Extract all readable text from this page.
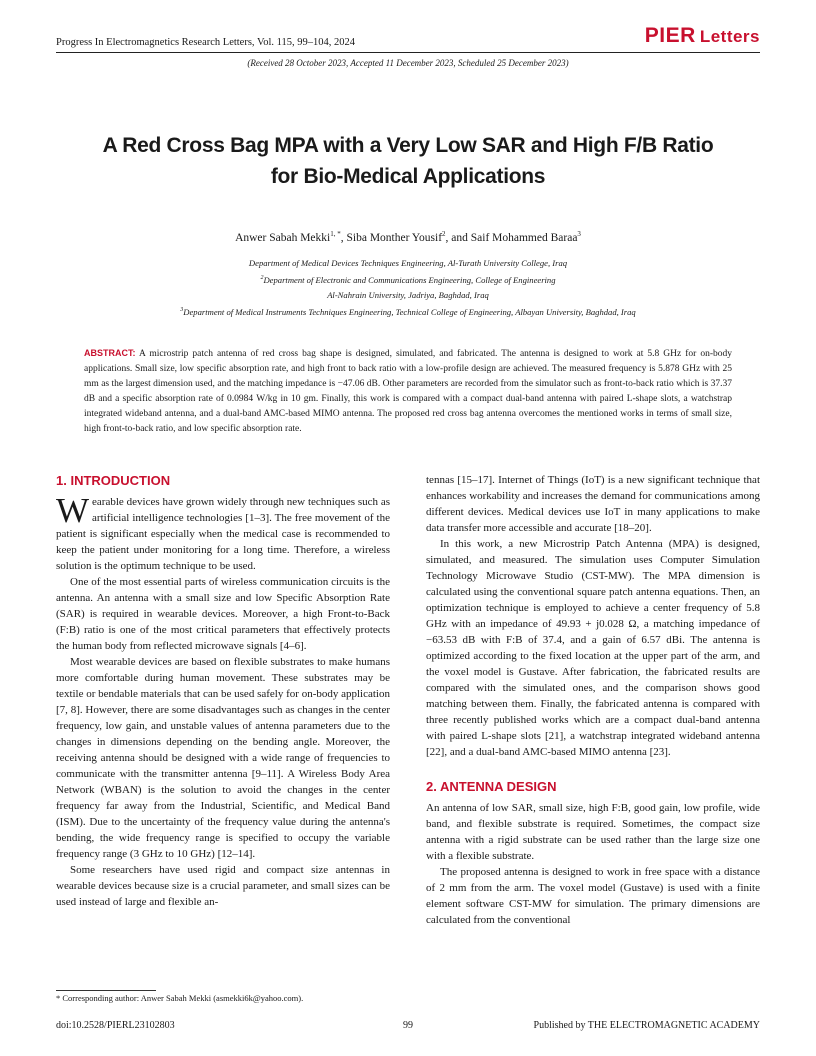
Progress In Electromagnetics Research Letters, Vol. 115, 99–104, 2024	PIER Letters
(Received 28 October 2023, Accepted 11 December 2023, Scheduled 25 December 2023)
A Red Cross Bag MPA with a Very Low SAR and High F/B Ratio
for Bio-Medical Applications
Anwer Sabah Mekki$^{1, *}$, Siba Monther Yousif$^2$, and Saif Mohammed Baraa$^3$
Department of Medical Devices Techniques Engineering, Al-Turath University College, Iraq
$^2$Department of Electronic and Communications Engineering, College of Engineering
Al-Nahrain University, Jadriya, Baghdad, Iraq
$^3$Department of Medical Instruments Techniques Engineering, Technical College of Engineering, Albayan University, Baghdad, Iraq
ABSTRACT: A microstrip patch antenna of red cross bag shape is designed, simulated, and fabricated. The antenna is designed to work at 5.8 GHz for on-body applications. Small size, low specific absorption rate, and high front to back ratio with a low-profile design are achieved. The measured frequency is 5.878 GHz with 25 mm as the largest dimension used, and the matching impedance is −47.06 dB. Other parameters are recorded from the simulator such as front-to-back ratio which is 37.37 dB and a specific absorption rate of 0.0984 W/kg in 10 gm. Finally, this work is compared with a compact dual-band antenna with paired L-shape slots, a watchstrap integrated wideband antenna, and a dual-band AMC-based MIMO antenna. The proposed red cross bag antenna overcomes the mentioned works in terms of small size, high front-to-back ratio, and low specific absorption rate.
1. INTRODUCTION

Wearable devices have grown widely through new techniques such as artificial intelligence technologies [1–3]. The free movement of the patient is significant especially when the medical case is recommended to keep the patient under monitoring for a long time. Therefore, a wireless solution is the optimum technique to be used.

One of the most essential parts of wireless communication circuits is the antenna. An antenna with a small size and low Specific Absorption Rate (SAR) is required in wearable devices. Moreover, a high Front-to-Back (F:B) ratio is one of the most critical parameters that effectively protects the human body from reflected microwave signals [4–6].

Most wearable devices are based on flexible substrates to make humans more comfortable during human movement. These substrates may be textile or bendable materials that can be used safely for on-body application [7, 8]. However, there are some disadvantages such as changes in the center frequency, low gain, and unstable values of antenna parameters due to the changes in dimensions depending on the bending angle. Moreover, the receiving antenna should be designed with a wide range of frequencies to communicate with the transmitter antenna [9–11]. A Wireless Body Area Network (WBAN) is the solution to avoid the changes in the center frequency far away from the Industrial, Scientific, and Medical Band (ISM). Due to the uncertainty of the frequency value during the antenna's bending, the wide frequency range is specified to occupy the variable frequency range (3 GHz to 10 GHz) [12–14].

Some researchers have used rigid and compact size antennas in wearable devices because size is a crucial parameter, and small sizes can be used instead of large and flexible an-

tennas [15–17]. Internet of Things (IoT) is a new significant technique that enhances workability and increases the demand for communications among different devices. Medical devices use IoT in many applications to make data transfer more accessible and accurate [18–20].

In this work, a new Microstrip Patch Antenna (MPA) is designed, simulated, and measured. The simulation uses Computer Simulation Technology Microwave Studio (CST-MW). The MPA dimension is calculated using the conventional square patch antenna equations. Then, an optimization technique is employed to achieve a center frequency of 5.8 GHz with an impedance of 49.93 + j0.028 Ω, a matching impedance of −63.53 dB with F:B of 37.4, and a gain of 6.57 dBi. The antenna is optimized according to the fixed location at the upper part of the arm, and the voxel model is Gustave. After fabrication, the fabricated results are compared with the simulated ones, and the comparison shows good matching between them. Finally, the fabricated antenna is compared with three recently published works which are a compact dual-band antenna with paired L-shape slots [21], a watchstrap integrated wideband antenna [22], and a dual-band AMC-based MIMO antenna [23].

2. ANTENNA DESIGN

An antenna of low SAR, small size, high F:B, good gain, low profile, wide band, and flexible substrate is required. Sometimes, the compact size antenna with a rigid substrate can be used rather than the large size one with a flexible substrate.

The proposed antenna is designed to work in free space with a distance of 2 mm from the arm. The voxel model (Gustave) is used with a finite element software CST-MW for simulation. The primary dimensions are calculated from the conventional

* Corresponding author: Anwer Sabah Mekki (asmekki6k@yahoo.com).
doi:10.2528/PIERL23102803	99	Published by THE ELECTROMAGNETIC ACADEMY
